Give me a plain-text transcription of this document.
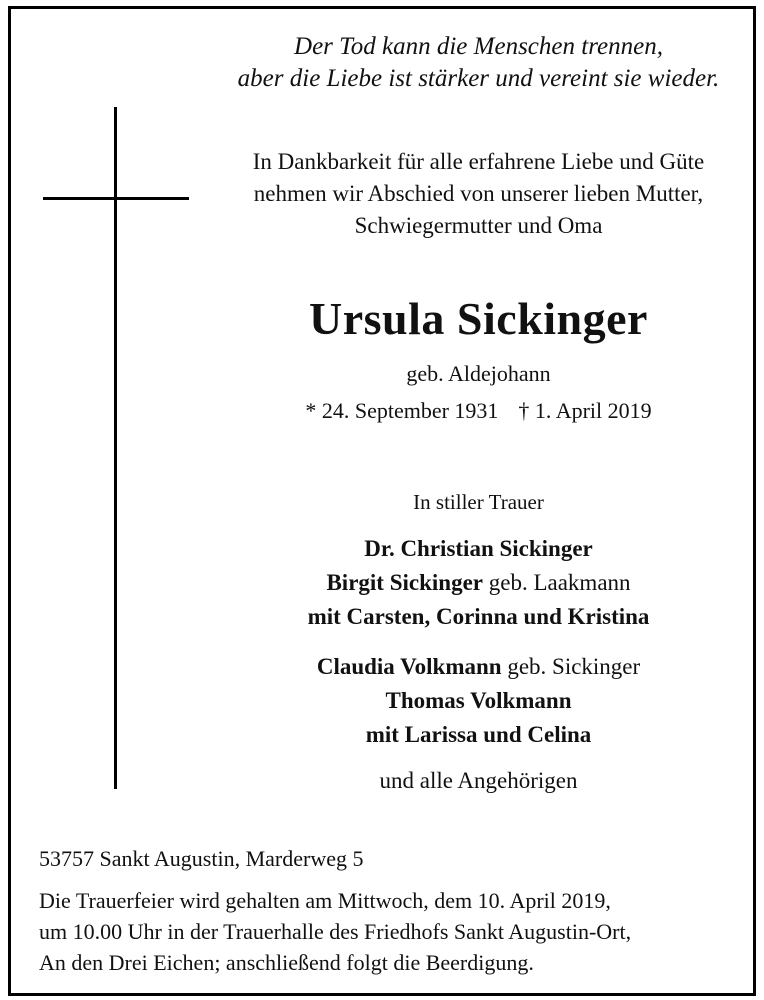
Der Tod kann die Menschen trennen,
aber die Liebe ist stärker und vereint sie wieder.
In Dankbarkeit für alle erfahrene Liebe und Güte
nehmen wir Abschied von unserer lieben Mutter,
Schwiegermutter und Oma
Ursula Sickinger
geb. Aldejohann
* 24. September 1931 † 1. April 2019
In stiller Trauer
Dr. Christian Sickinger
Birgit Sickinger geb. Laakmann
mit Carsten, Corinna und Kristina
Claudia Volkmann geb. Sickinger
Thomas Volkmann
mit Larissa und Celina
und alle Angehörigen
53757 Sankt Augustin, Marderweg 5
Die Trauerfeier wird gehalten am Mittwoch, dem 10. April 2019,
um 10.00 Uhr in der Trauerhalle des Friedhofs Sankt Augustin-Ort,
An den Drei Eichen; anschließend folgt die Beerdigung.
